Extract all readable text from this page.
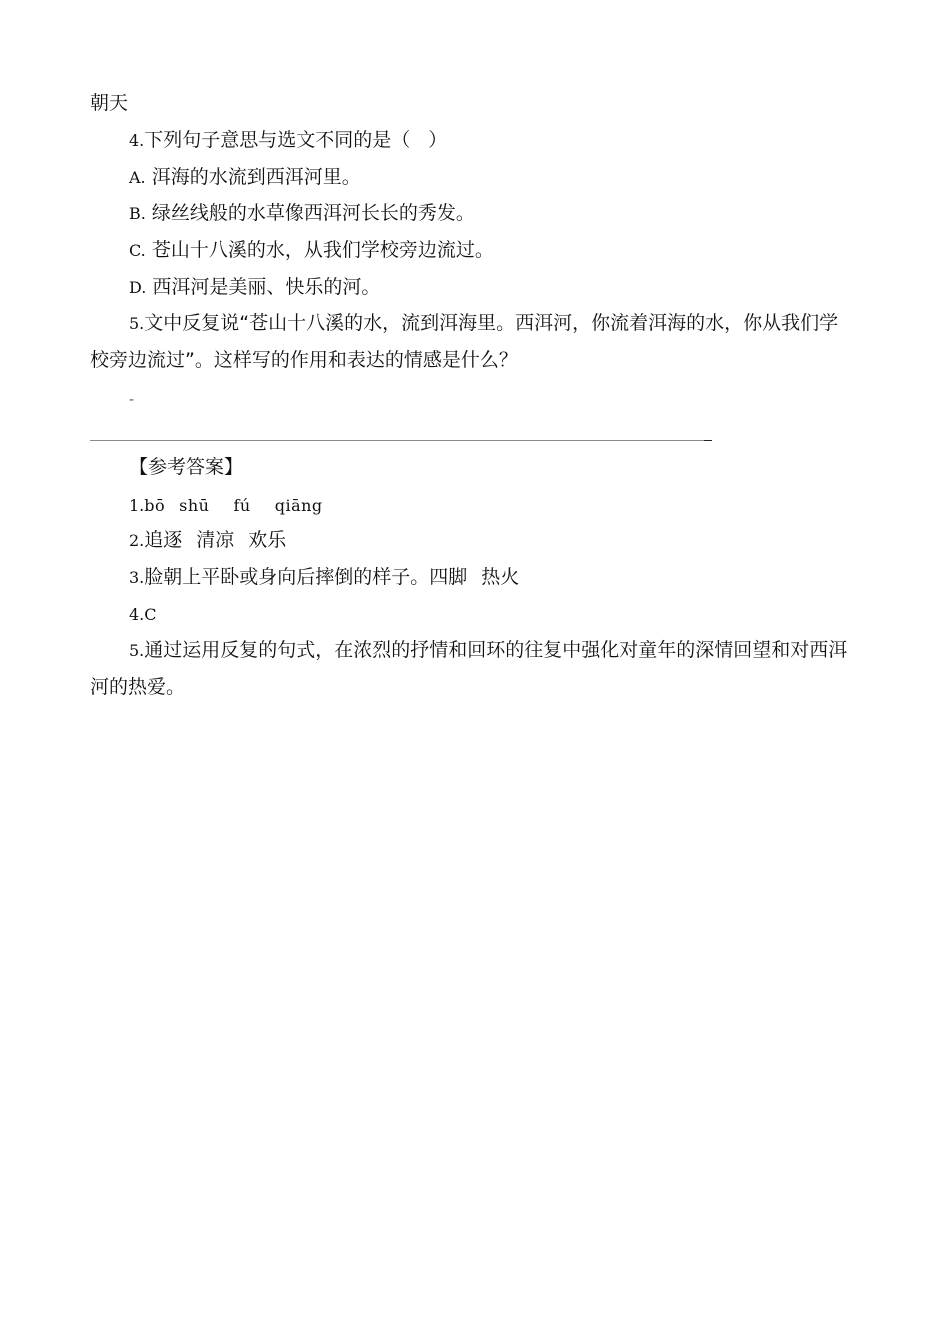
朝天
4.下列句子意思与选文不同的是（ ）
A. 洱海的水流到西洱河里。
B. 绿丝线般的水草像西洱河长长的秀发。
C. 苍山十八溪的水，从我们学校旁边流过。
D. 西洱河是美丽、快乐的河。
5.文中反复说“苍山十八溪的水，流到洱海里。西洱河，你流着洱海的水，你从我们学
校旁边流过”。这样写的作用和表达的情感是什么？
-
【参考答案】
1.bō shū fú qiāng
2.追逐 清凉 欢乐
3.脸朝上平卧或身向后摔倒的样子。四脚 热火
4.C
5.通过运用反复的句式，在浓烈的抒情和回环的往复中强化对童年的深情回望和对西洱
河的热爱。
